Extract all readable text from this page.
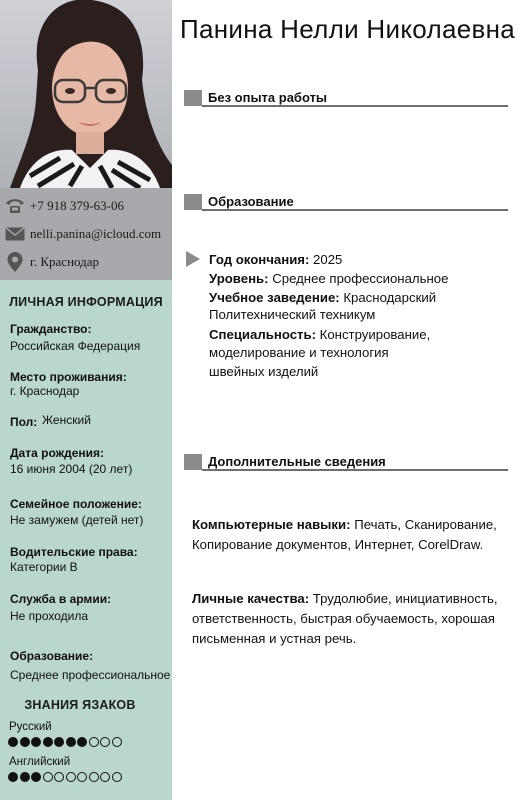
+7 918 379-63-06
nelli.panina@icloud.com
г. Краснодар
ЛИЧНАЯ ИНФОРМАЦИЯ
Гражданство:
Российская Федерация
Место проживания:
г. Краснодар
Пол: Женский
Дата рождения:
16 июня 2004 (20 лет)
Семейное положение:
Не замужем (детей нет)
Водительские права:
Категории B
Служба в армии:
Не проходила
Образование:
Среднее профессиональное
ЗНАНИЯ ЯЗАКОВ
Русский
Английский
Панина Нелли Николаевна
Без опыта работы
Образование
Год окончания: 2025
Уровень: Среднее профессиональное
Учебное заведение: Краснодарский
Политехнический техникум
Специальность: Конструирование,
моделирование и технология
швейных изделий
Дополнительные сведения
Компьютерные навыки: Печать, Сканирование, Копирование документов, Интернет, CorelDraw.
Личные качества: Трудолюбие, инициативность, ответственность, быстрая обучаемость, хорошая письменная и устная речь.
